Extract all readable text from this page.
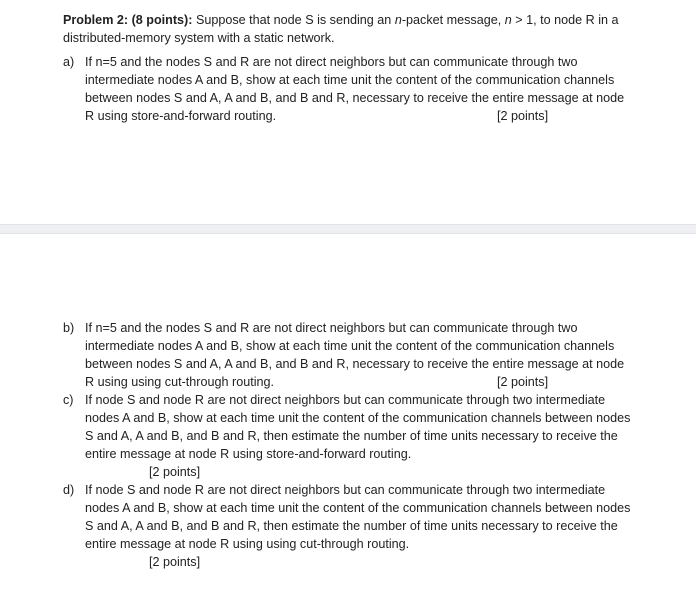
Problem 2: (8 points): Suppose that node S is sending an n-packet message, n > 1, to node R in a distributed-memory system with a static network.

a) If n=5 and the nodes S and R are not direct neighbors but can communicate through two intermediate nodes A and B, show at each time unit the content of the communication channels between nodes S and A, A and B, and B and R, necessary to receive the entire message at node R using store-and-forward routing.	[2 points]
b) If n=5 and the nodes S and R are not direct neighbors but can communicate through two intermediate nodes A and B, show at each time unit the content of the communication channels between nodes S and A, A and B, and B and R, necessary to receive the entire message at node R using using cut-through routing.	[2 points]
c) If node S and node R are not direct neighbors but can communicate through two intermediate nodes A and B, show at each time unit the content of the communication channels between nodes S and A, A and B, and B and R, then estimate the number of time units necessary to receive the entire message at node R using store-and-forward routing.
[2 points]
d) If node S and node R are not direct neighbors but can communicate through two intermediate nodes A and B, show at each time unit the content of the communication channels between nodes S and A, A and B, and B and R, then estimate the number of time units necessary to receive the entire message at node R using using cut-through routing.
[2 points]
